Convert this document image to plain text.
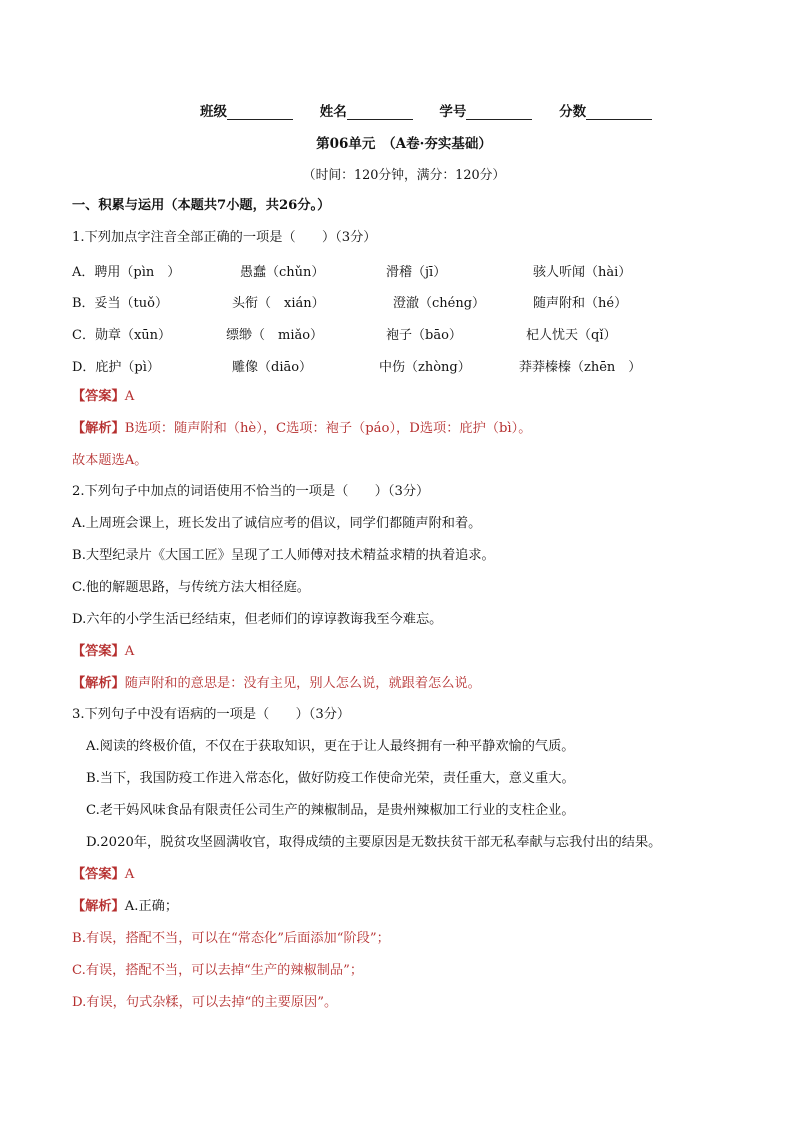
班级	姓名	学号	分数
第06单元　（A卷·夯实基础）
（时间：120分钟，满分：120分）
一、积累与运用（本题共7小题，共26分。）
1.下列加点字注音全部正确的一项是（　　）（3分）
A．聘用（pìn　）	愚蠢（chǔn）	滑稽（jī）	骇人听闻（hài）
B．妥当（tuǒ）	头衔（　xián）	澄澈（chéng）	随声附和（hé）
C．勋章（xūn）	缥缈（　miǎo）	袍子（bāo）	杞人忧天（qǐ）
D．庇护（pì）	雕像（diāo）	中伤（zhòng）	莽莽榛榛（zhēn　）
【答案】A
【解析】B选项：随声附和（hè），C选项：袍子（páo），D选项：庇护（bì）。
故本题选A。
2.下列句子中加点的词语使用不恰当的一项是（　　）（3分）
A.上周班会课上，班长发出了诚信应考的倡议，同学们都随声附和着。
B.大型纪录片《大国工匠》呈现了工人师傅对技术精益求精的执着追求。
C.他的解题思路，与传统方法大相径庭。
D.六年的小学生活已经结束，但老师们的谆谆教诲我至今难忘。
【答案】A
【解析】随声附和的意思是：没有主见，别人怎么说，就跟着怎么说。
3.下列句子中没有语病的一项是（　　）（3分）
A.阅读的终极价值，不仅在于获取知识，更在于让人最终拥有一种平静欢愉的气质。
B.当下，我国防疫工作进入常态化，做好防疫工作使命光荣，责任重大，意义重大。
C.老干妈风味食品有限责任公司生产的辣椒制品，是贵州辣椒加工行业的支柱企业。
D.2020年，脱贫攻坚圆满收官，取得成绩的主要原因是无数扶贫干部无私奉献与忘我付出的结果。
【答案】A
【解析】A.正确；
B.有误，搭配不当，可以在“常态化”后面添加“阶段”；
C.有误，搭配不当，可以去掉“生产的辣椒制品”；
D.有误，句式杂糅，可以去掉“的主要原因”。
